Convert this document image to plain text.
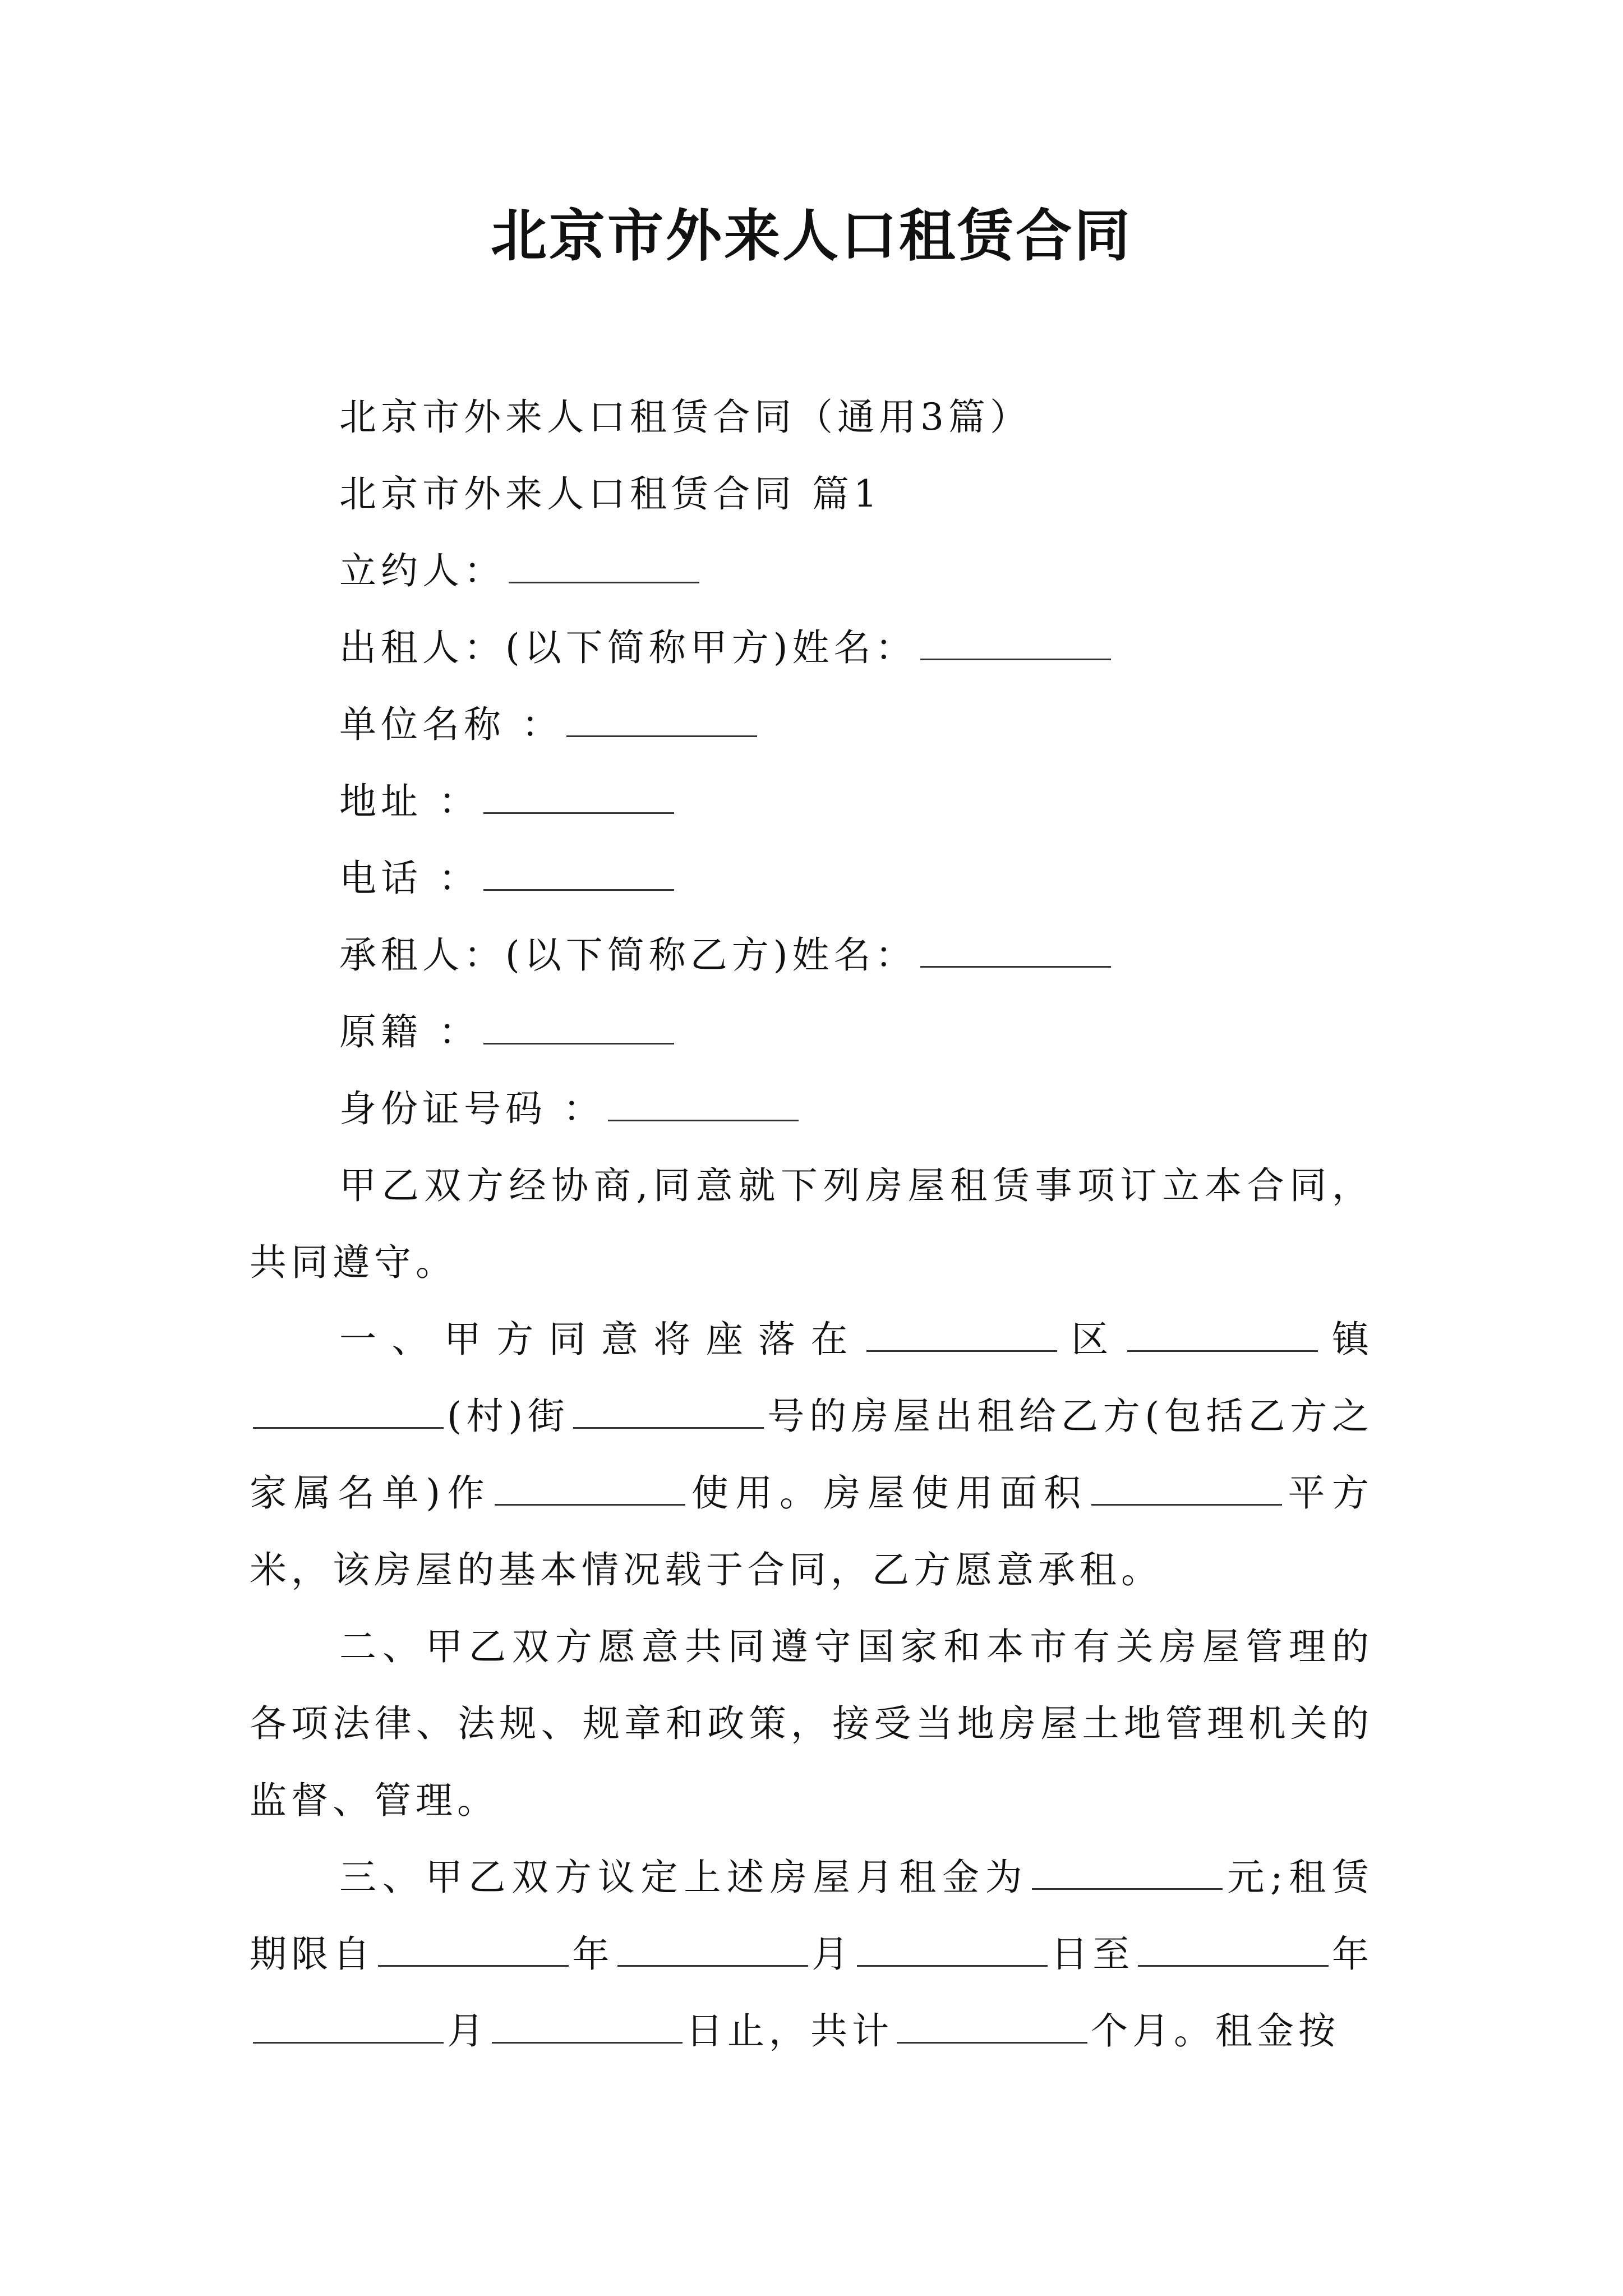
北京市外来人口租赁合同

北京市外来人口租赁合同（通用3篇）

北京市外来人口租赁合同 篇1

立约人：

出租人：(以下简称甲方)姓名：

单位名称 ：

地址 ：

电话 ：

承租人：(以下简称乙方)姓名：

原籍 ：

身份证号码 ：

甲乙双方经协商,同意就下列房屋租赁事项订立本合同，共同遵守。

一、甲方同意将座落在	区	镇(村)街	号的房屋出租给乙方(包括乙方之家属名单)作	使用。房屋使用面积	平方米，该房屋的基本情况载于合同，乙方愿意承租。

二、甲乙双方愿意共同遵守国家和本市有关房屋管理的各项法律、法规、规章和政策，接受当地房屋土地管理机关的监督、管理。

三、甲乙双方议定上述房屋月租金为	元;租赁期限自	年	月	日至	年月	日止，共计	个月。租金按
